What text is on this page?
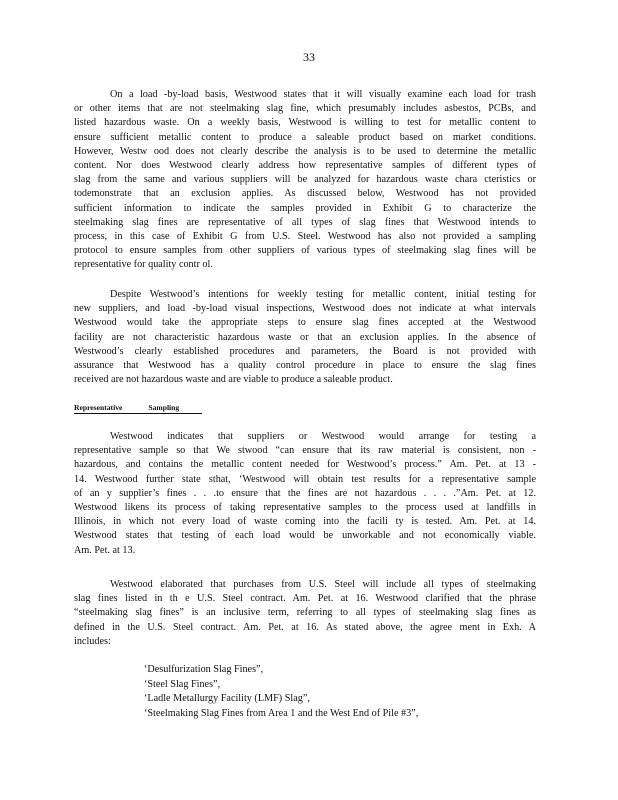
33
On a load -by-load basis, Westwood states that it will visually examine each load for trash
or other items that are not steelmaking slag fine, which presumably includes asbestos, PCBs, and
listed hazardous waste. On a weekly basis, Westwood is willing to test for metallic content to
ensure sufficient metallic content to produce a saleable product based on market conditions.
However, Westw ood does not clearly describe the analysis is to be used to determine the metallic
content. Nor does Westwood clearly address how representative samples of different types of
slag from the same and various suppliers will be analyzed for hazardous waste chara cteristics or
todemonstrate that an exclusion applies. As discussed below, Westwood has not provided
sufficient information to indicate the samples provided in Exhibit G to characterize the
steelmaking slag fines are representative of all types of slag fines that Westwood intends to
process, in this case of Exhibit G from U.S. Steel. Westwood has also not provided a sampling
protocol to ensure samples from other suppliers of various types of steelmaking slag fines will be
representative for quality contr ol.
Despite Westwood’s intentions for weekly testing for metallic content, initial testing for
new suppliers, and load -by-load visual inspections, Westwood does not indicate at what intervals
Westwood would take the appropriate steps to ensure slag fines accepted at the Westwood
facility are not characteristic hazardous waste or that an exclusion applies. In the absence of
Westwood’s clearly established procedures and parameters, the Board is not provided with
assurance that Westwood has a quality control procedure in place to ensure the slag fines
received are not hazardous waste and are viable to produce a saleable product.
Representative	Sampling
Westwood indicates that suppliers or Westwood would arrange for testing a
representative sample so that We stwood “can ensure that its raw material is consistent, non -
hazardous, and contains the metallic content needed for Westwood’s process.” Am. Pet. at 13 -
14. Westwood further state sthat, ‘Westwood will obtain test results for a representative sample
of an y supplier’s fines . . .to ensure that the fines are not hazardous . . . .”Am. Pet. at 12.
Westwood likens its process of taking representative samples to the process used at landfills in
Illinois, in which not every load of waste coming into the facili ty is tested. Am. Pet. at 14.
Westwood states that testing of each load would be unworkable and not economically viable.
Am. Pet. at 13.
Westwood elaborated that purchases from U.S. Steel will include all types of steelmaking
slag fines listed in th e U.S. Steel contract. Am. Pet. at 16. Westwood clarified that the phrase
“steelmaking slag fines” is an inclusive term, referring to all types of steelmaking slag fines as
defined in the U.S. Steel contract. Am. Pet. at 16. As stated above, the agree ment in Exh. A
includes:
‘Desulfurization Slag Fines”,
‘Steel Slag Fines”,
‘Ladle Metallurgy Facility (LMF) Slag”,
‘Steelmaking Slag Fines from Area 1 and the West End of Pile #3”,
